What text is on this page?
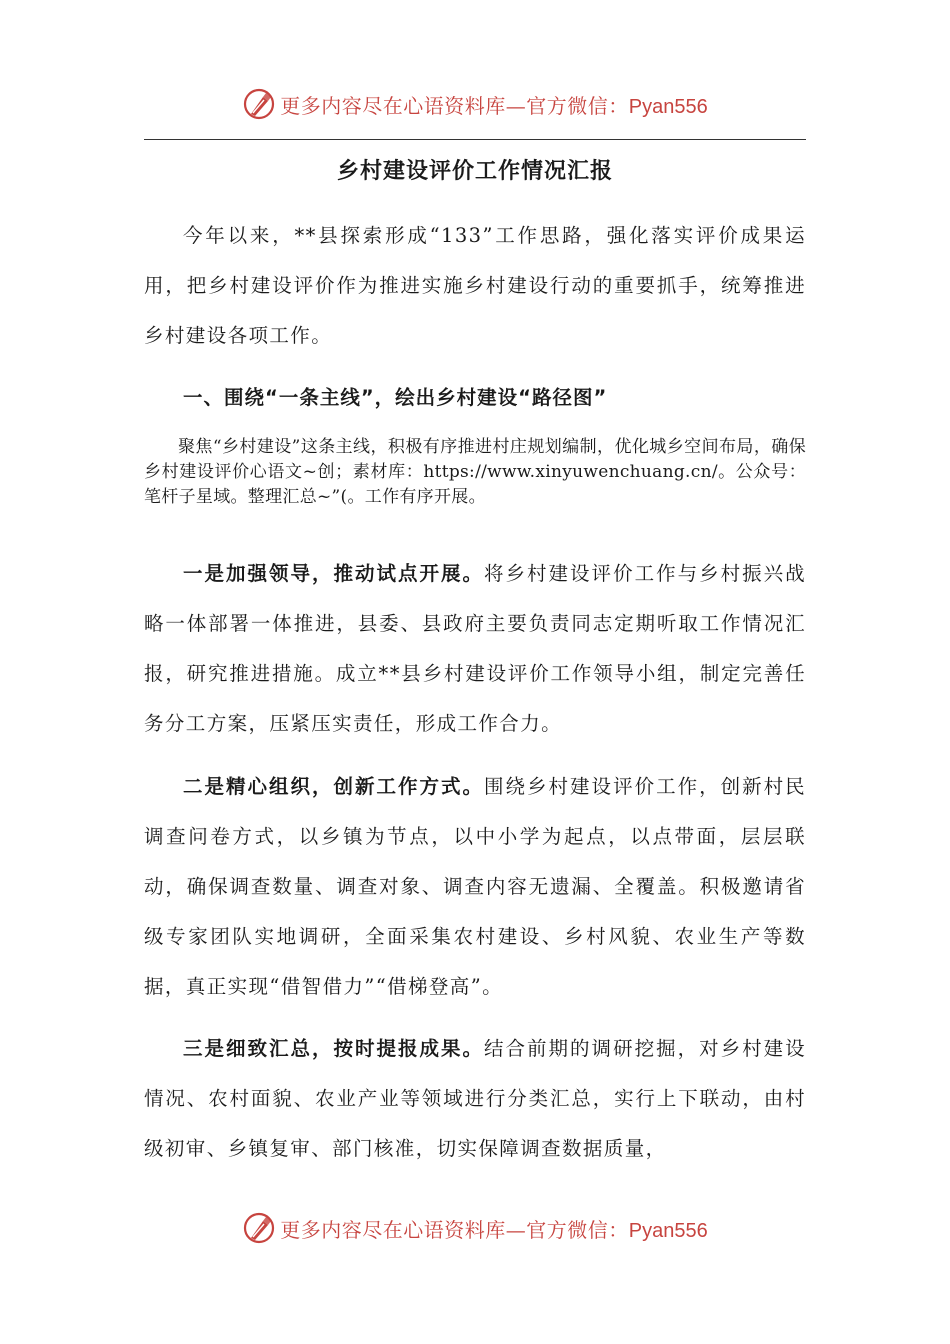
更多内容尽在心语资料库—官方微信：Pyan556
乡村建设评价工作情况汇报

今年以来，**县探索形成“133”工作思路，强化落实评价成果运用，把乡村建设评价作为推进实施乡村建设行动的重要抓手，统筹推进乡村建设各项工作。

一、围绕“一条主线”，绘出乡村建设“路径图”

聚焦“乡村建设”这条主线，积极有序推进村庄规划编制，优化城乡空间布局，确保乡村建设评价心语文~创；素材库：https://www.xinyuwenchuang.cn/。公众号：笔杆子星域。整理汇总~”(。工作有序开展。

一是加强领导，推动试点开展。将乡村建设评价工作与乡村振兴战略一体部署一体推进，县委、县政府主要负责同志定期听取工作情况汇报，研究推进措施。成立**县乡村建设评价工作领导小组，制定完善任务分工方案，压紧压实责任，形成工作合力。

二是精心组织，创新工作方式。围绕乡村建设评价工作，创新村民调查问卷方式，以乡镇为节点，以中小学为起点，以点带面，层层联动，确保调查数量、调查对象、调查内容无遗漏、全覆盖。积极邀请省级专家团队实地调研，全面采集农村建设、乡村风貌、农业生产等数据，真正实现“借智借力”“借梯登高”。

三是细致汇总，按时提报成果。结合前期的调研挖掘，对乡村建设情况、农村面貌、农业产业等领域进行分类汇总，实行上下联动，由村级初审、乡镇复审、部门核准，切实保障调查数据质量，

更多内容尽在心语资料库—官方微信：Pyan556
